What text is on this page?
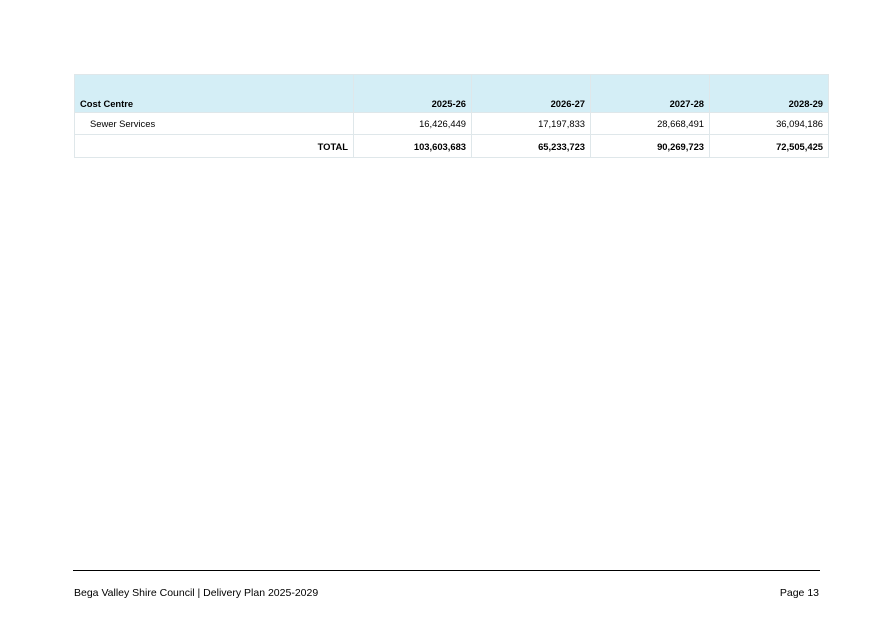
Cost Centre	2025-26	2026-27	2027-28	2028-29
Sewer Services	16,426,449	17,197,833	28,668,491	36,094,186
TOTAL	103,603,683	65,233,723	90,269,723	72,505,425
Bega Valley Shire Council | Delivery Plan 2025-2029	Page 13
